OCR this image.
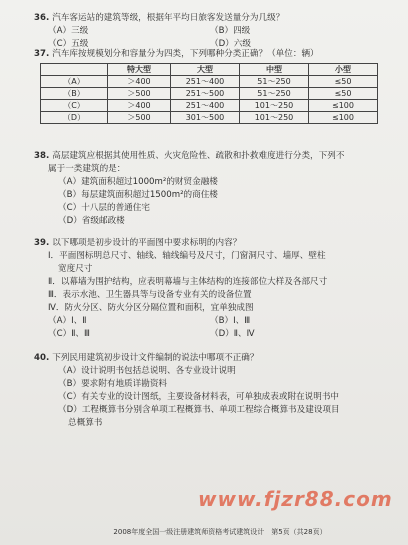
36. 汽车客运站的建筑等级，根据年平均日旅客发送量分为几级？
（A）三级	（B）四级
（C）五级	（D）六级
37. 汽车库按规模划分和容量分为四类，下列哪种分类正确？（单位：辆）
	特大型	大型	中型	小型
（A）	＞400	251～400	51～250	≤50
（B）	＞500	251～500	51～250	≤50
（C）	＞400	251～400	101～250	≤100
（D）	＞500	301～500	101～250	≤100
38. 高层建筑应根据其使用性质、火灾危险性、疏散和扑救难度进行分类，下列不
属于一类建筑的是：
（A）建筑面积超过1000m²的财贸金融楼
（B）每层建筑面积超过1500m²的商住楼
（C）十八层的普通住宅
（D）省级邮政楼
39. 以下哪项是初步设计的平面图中要求标明的内容？
Ⅰ．平面图标明总尺寸、轴线、轴线编号及尺寸，门窗洞尺寸、墙厚、壁柱
宽度尺寸
Ⅱ．以幕墙为围护结构，应表明幕墙与主体结构的连接部位大样及各部尺寸
Ⅲ．表示水池、卫生器具等与设备专业有关的设备位置
Ⅳ．防火分区、防火分区分隔位置和面积，宜单独成图
（A）Ⅰ、Ⅱ	（B）Ⅰ、Ⅲ
（C）Ⅱ、Ⅲ	（D）Ⅱ、Ⅳ
40. 下列民用建筑初步设计文件编制的说法中哪项不正确？
（A）设计说明书包括总说明、各专业设计说明
（B）要求附有地质详勘资料
（C）有关专业的设计图纸，主要设备材料表，可单独成表或附在说明书中
（D）工程概算书分别含单项工程概算书、单项工程综合概算书及建设项目
总概算书
www.fjzr88.com
2008年度全国一级注册建筑师资格考试建筑设计　第5页（共28页）
